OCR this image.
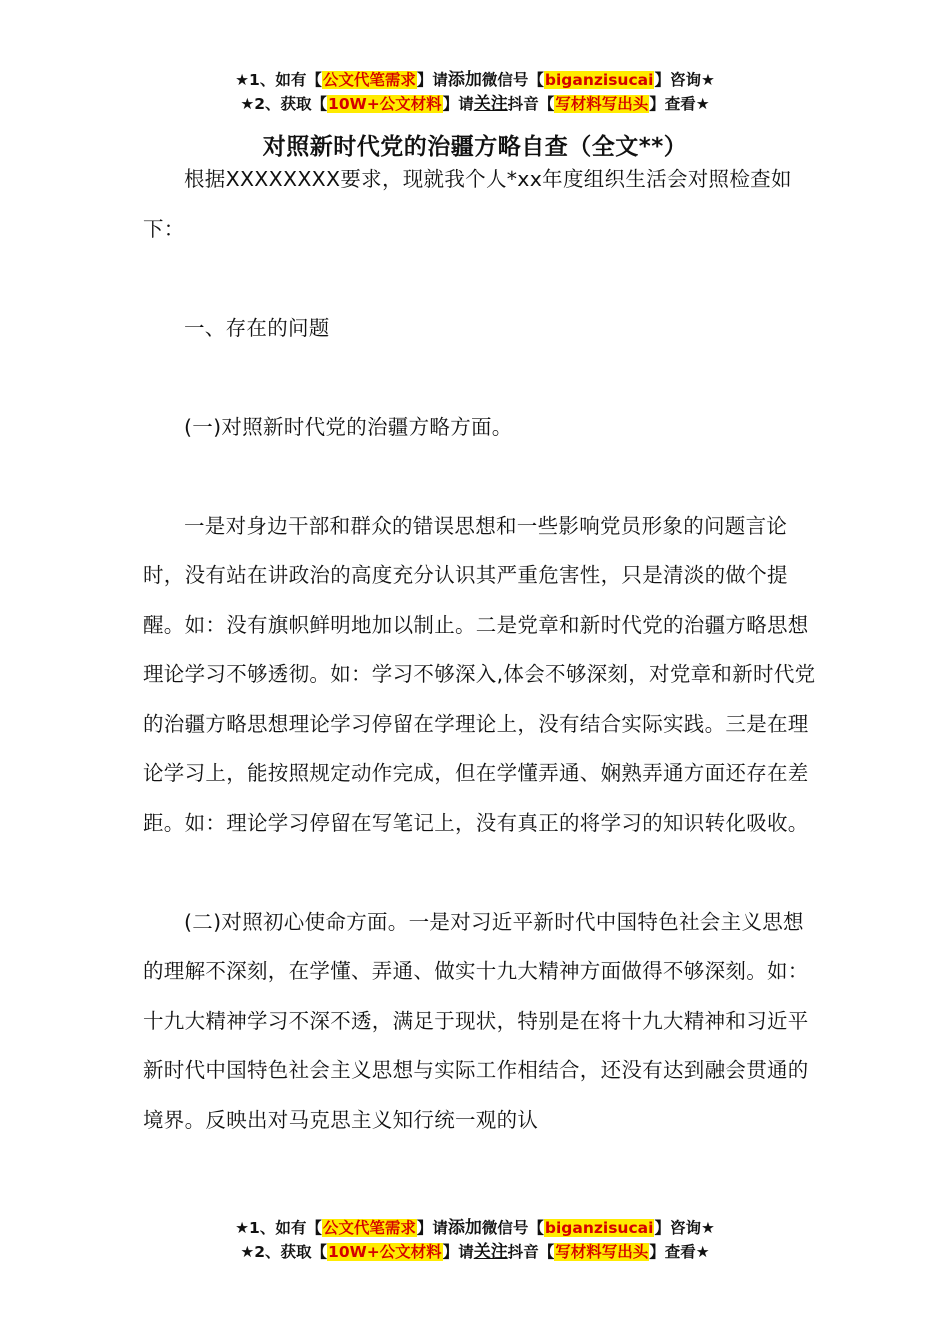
★1、如有【公文代笔需求】请添加微信号【biganzisucai】咨询★
★2、获取【10W+公文材料】请关注抖音【写材料写出头】查看★
对照新时代党的治疆方略自查（全文**）

根据XXXXXXXX要求，现就我个人*xx年度组织生活会对照检查如下：

一、存在的问题

(一)对照新时代党的治疆方略方面。

一是对身边干部和群众的错误思想和一些影响党员形象的问题言论时，没有站在讲政治的高度充分认识其严重危害性，只是清淡的做个提醒。如：没有旗帜鲜明地加以制止。二是党章和新时代党的治疆方略思想理论学习不够透彻。如：学习不够深入,体会不够深刻，对党章和新时代党的治疆方略思想理论学习停留在学理论上，没有结合实际实践。三是在理论学习上，能按照规定动作完成，但在学懂弄通、娴熟弄通方面还存在差距。如：理论学习停留在写笔记上，没有真正的将学习的知识转化吸收。

(二)对照初心使命方面。一是对习近平新时代中国特色社会主义思想的理解不深刻，在学懂、弄通、做实十九大精神方面做得不够深刻。如：十九大精神学习不深不透，满足于现状，特别是在将十九大精神和习近平新时代中国特色社会主义思想与实际工作相结合，还没有达到融会贯通的境界。反映出对马克思主义知行统一观的认

★1、如有【公文代笔需求】请添加微信号【biganzisucai】咨询★
★2、获取【10W+公文材料】请关注抖音【写材料写出头】查看★
